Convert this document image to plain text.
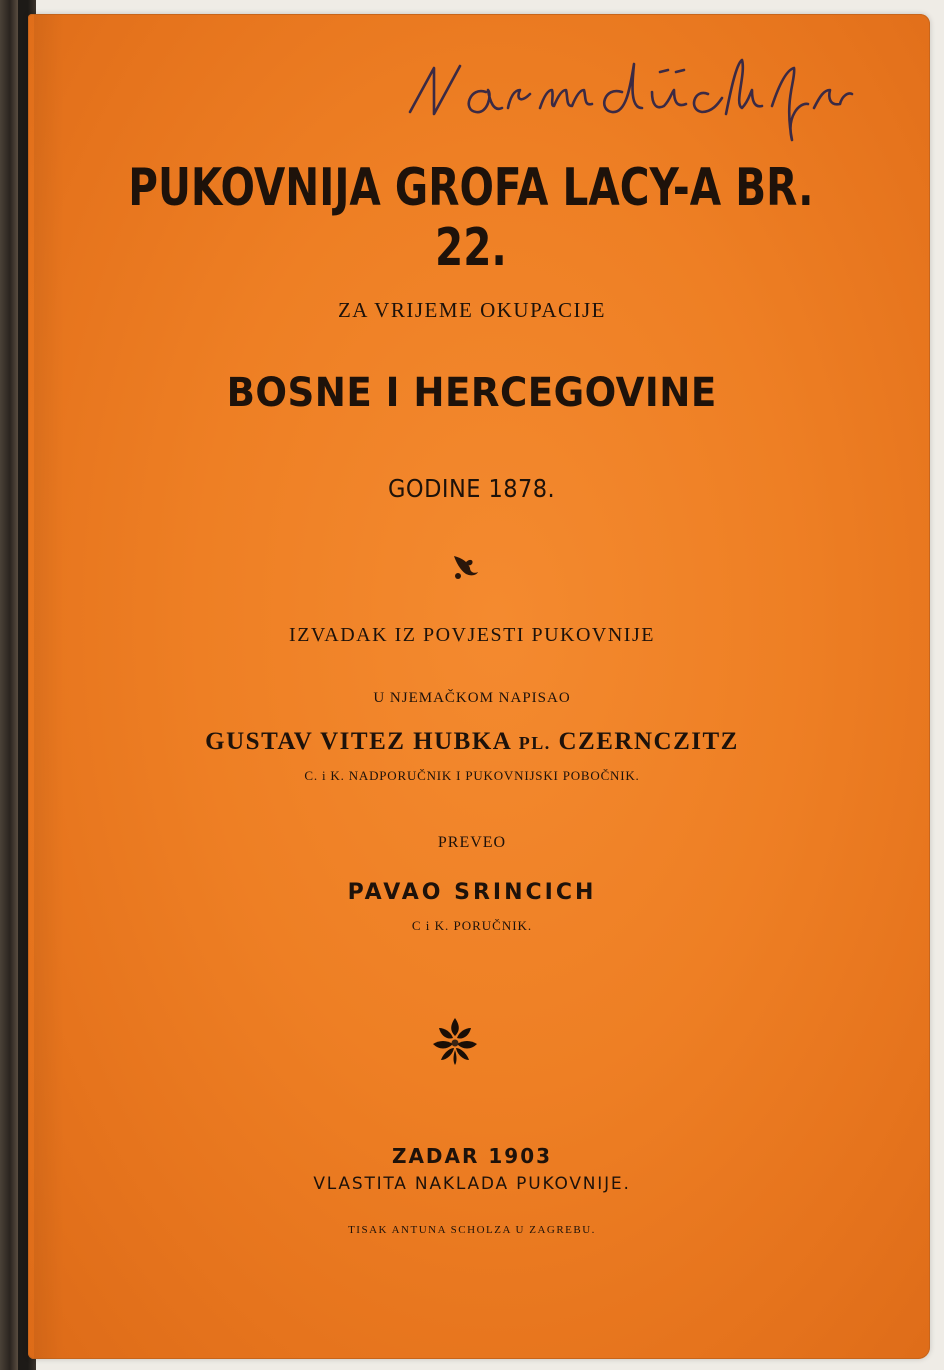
PUKOVNIJA GROFA LACY-A BR. 22.
ZA VRIJEME OKUPACIJE
BOSNE I HERCEGOVINE
GODINE 1878.
IZVADAK IZ POVJESTI PUKOVNIJE
U NJEMAČKOM NAPISAO
GUSTAV VITEZ HUBKA PL. CZERNCZITZ
C. i K. NADPORUČNIK I PUKOVNIJSKI POBOČNIK.
PREVEO
PAVAO SRINCICH
C i K. PORUČNIK.
ZADAR 1903
VLASTITA NAKLADA PUKOVNIJE.
TISAK ANTUNA SCHOLZA U ZAGREBU.
